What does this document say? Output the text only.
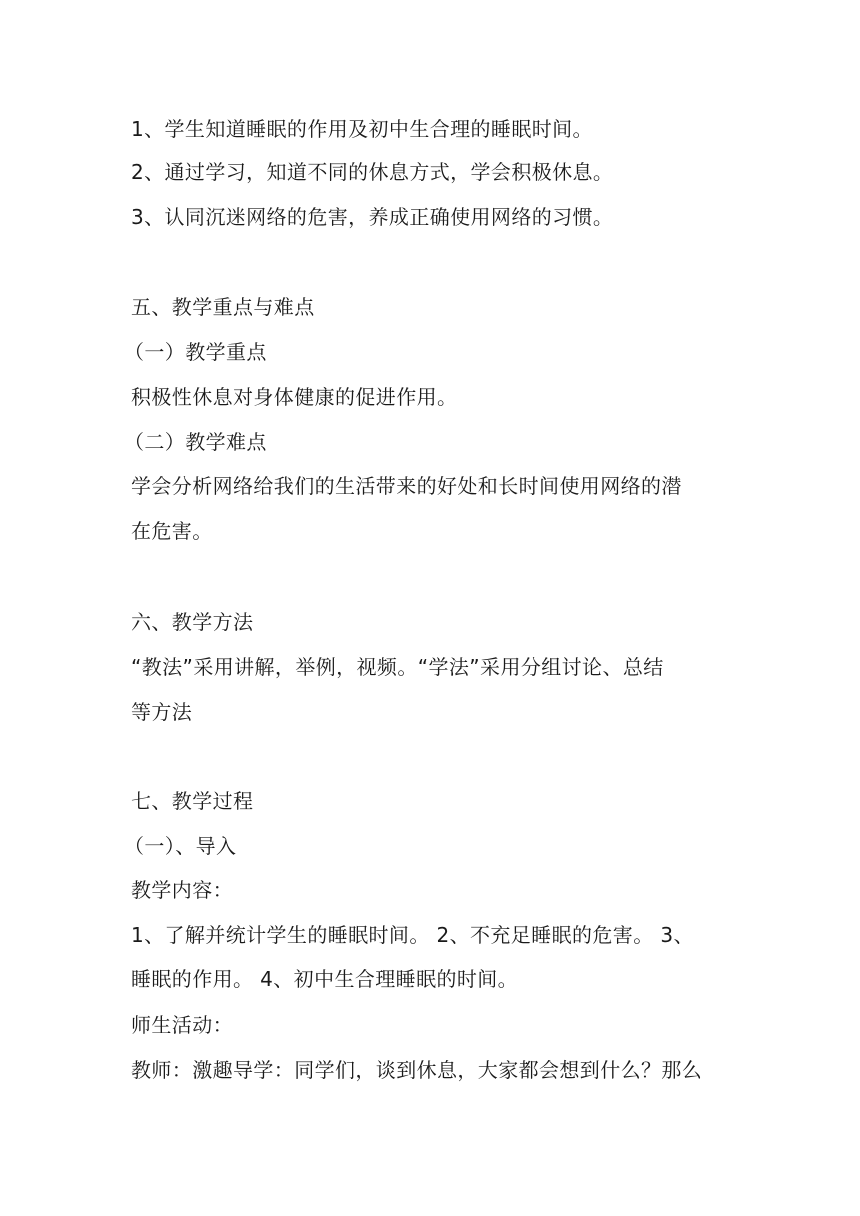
1、学生知道睡眠的作用及初中生合理的睡眠时间。
2、通过学习，知道不同的休息方式，学会积极休息。
3、认同沉迷网络的危害，养成正确使用网络的习惯。
五、教学重点与难点
（一）教学重点
积极性休息对身体健康的促进作用。
（二）教学难点
学会分析网络给我们的生活带来的好处和长时间使用网络的潜
在危害。
六、教学方法
“教法”采用讲解，举例，视频。“学法”采用分组讨论、总结
等方法
七、教学过程
（一）、导入
教学内容：
1、了解并统计学生的睡眠时间。 2、不充足睡眠的危害。 3、
睡眠的作用。 4、初中生合理睡眠的时间。
师生活动：
教师：激趣导学：同学们，谈到休息，大家都会想到什么？那么
